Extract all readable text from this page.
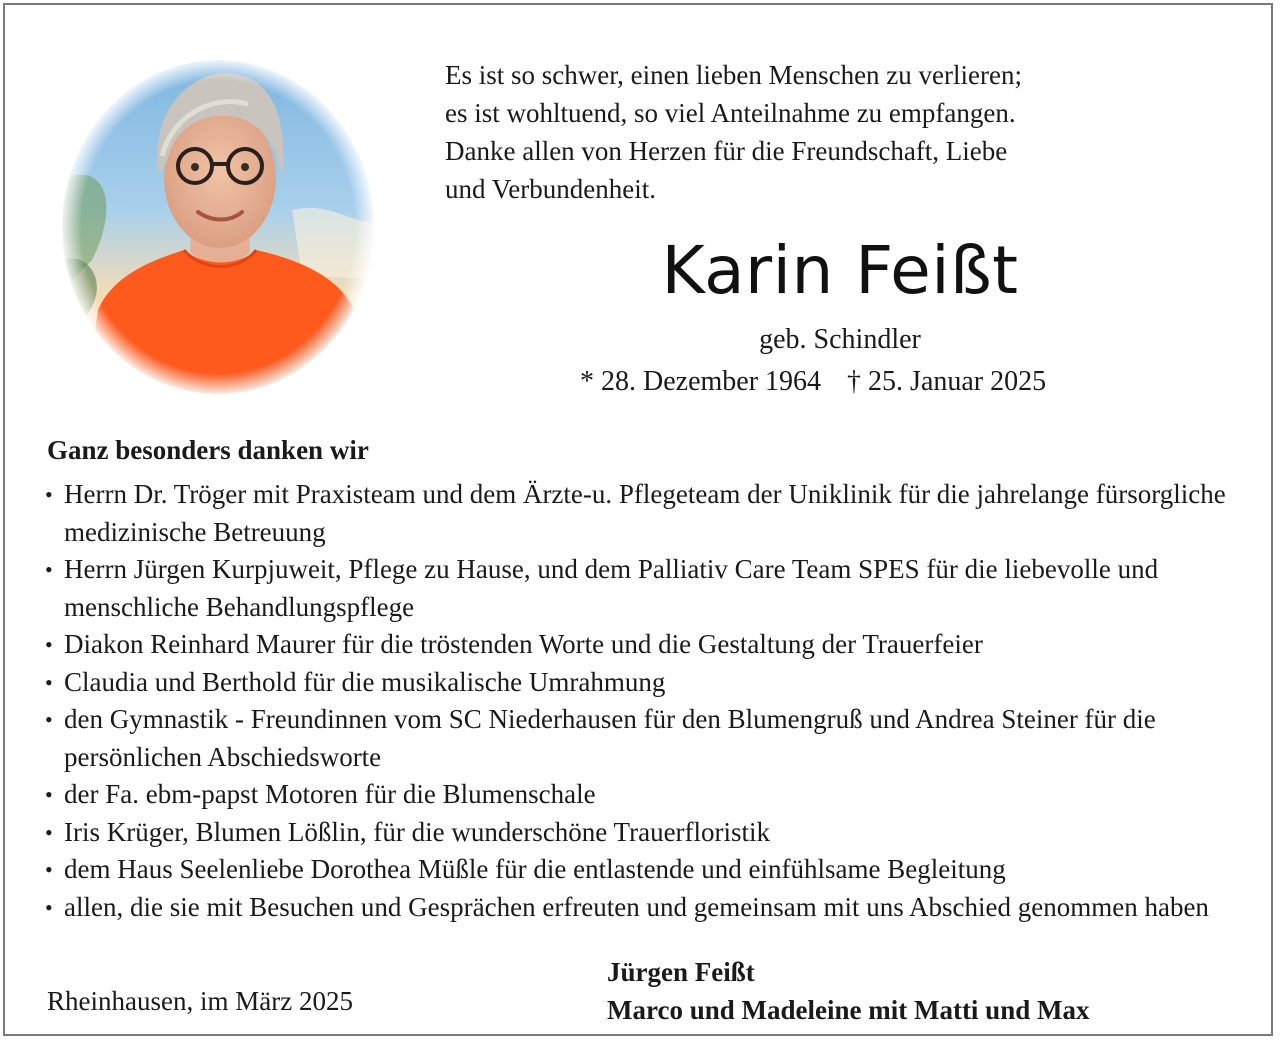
Es ist so schwer, einen lieben Menschen zu verlieren;
es ist wohltuend, so viel Anteilnahme zu empfangen.
Danke allen von Herzen für die Freundschaft, Liebe
und Verbundenheit.
Karin Feißt
geb. Schindler
* 28. Dezember 1964 † 25. Januar 2025
Ganz besonders danken wir
• Herrn Dr. Tröger mit Praxisteam und dem Ärzte-u. Pflegeteam der Uniklinik für die jahrelange fürsorgliche medizinische Betreuung
• Herrn Jürgen Kurpjuweit, Pflege zu Hause, und dem Palliativ Care Team SPES für die liebevolle und menschliche Behandlungspflege
• Diakon Reinhard Maurer für die tröstenden Worte und die Gestaltung der Trauerfeier
• Claudia und Berthold für die musikalische Umrahmung
• den Gymnastik - Freundinnen vom SC Niederhausen für den Blumengruß und Andrea Steiner für die persönlichen Abschiedsworte
• der Fa. ebm-papst Motoren für die Blumenschale
• Iris Krüger, Blumen Lößlin, für die wunderschöne Trauerfloristik
• dem Haus Seelenliebe Dorothea Müßle für die entlastende und einfühlsame Begleitung
• allen, die sie mit Besuchen und Gesprächen erfreuten und gemeinsam mit uns Abschied genommen haben
Rheinhausen, im März 2025
Jürgen Feißt
Marco und Madeleine mit Matti und Max
